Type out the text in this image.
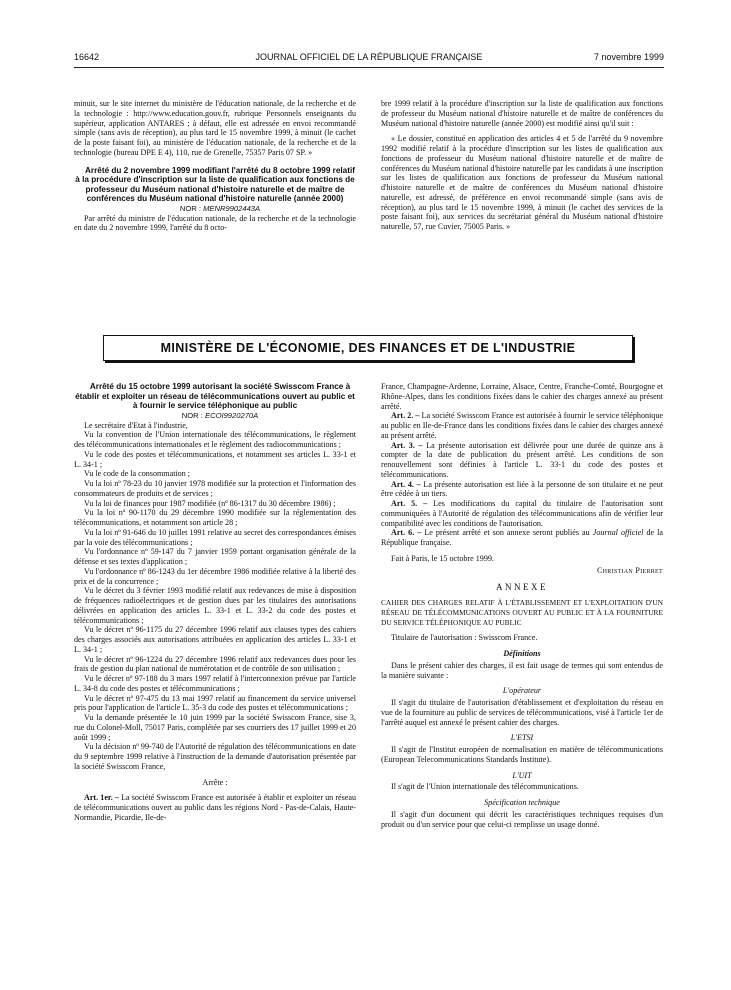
16642	JOURNAL OFFICIEL DE LA RÉPUBLIQUE FRANÇAISE	7 novembre 1999

minuit, sur le site internet du ministère de l'éducation nationale, de la recherche et de la technologie : http://www.education.gouv.fr, rubrique Personnels enseignants du supérieur, application ANTARES ; à défaut, elle est adressée en envoi recommandé simple (sans avis de réception), au plus tard le 15 novembre 1999, à minuit (le cachet de la poste faisant foi), au ministère de l'éducation nationale, de la recherche et de la technologie (bureau DPE E 4), 110, rue de Grenelle, 75357 Paris 07 SP. »

Arrêté du 2 novembre 1999 modifiant l'arrêté du 8 octobre 1999 relatif à la procédure d'inscription sur la liste de qualification aux fonctions de professeur du Muséum national d'histoire naturelle et de maître de conférences du Muséum national d'histoire naturelle (année 2000)

NOR : MENR9902443A

Par arrêté du ministre de l'éducation nationale, de la recherche et de la technologie en date du 2 novembre 1999, l'arrêté du 8 octo-

bre 1999 relatif à la procédure d'inscription sur la liste de qualification aux fonctions de professeur du Muséum national d'histoire naturelle et de maître de conférences du Muséum national d'histoire naturelle (année 2000) est modifié ainsi qu'il suit :

« Le dossier, constitué en application des articles 4 et 5 de l'arrêté du 9 novembre 1992 modifié relatif à la procédure d'inscription sur les listes de qualification aux fonctions de professeur du Muséum national d'histoire naturelle et de maître de conférences du Muséum national d'histoire naturelle par les candidats à une inscription sur les listes de qualification aux fonctions de professeur du Muséum national d'histoire naturelle et de maître de conférences du Muséum national d'histoire naturelle, est adressé, de préférence en envoi recommandé simple (sans avis de réception), au plus tard le 15 novembre 1999, à minuit (le cachet des services de la poste faisant foi), aux services du secrétariat général du Muséum national d'histoire naturelle, 57, rue Cuvier, 75005 Paris. »

MINISTÈRE DE L'ÉCONOMIE, DES FINANCES ET DE L'INDUSTRIE

Arrêté du 15 octobre 1999 autorisant la société Swisscom France à établir et exploiter un réseau de télécommunications ouvert au public et à fournir le service téléphonique au public

NOR : ECOI9920270A

Le secrétaire d'Etat à l'industrie,

Vu la convention de l'Union internationale des télécommunications, le règlement des télécommunications internationales et le règlement des radiocommunications ;

Vu le code des postes et télécommunications, et notamment ses articles L. 33-1 et L. 34-1 ;

Vu le code de la consommation ;

Vu la loi nº 78-23 du 10 janvier 1978 modifiée sur la protection et l'information des consommateurs de produits et de services ;

Vu la loi de finances pour 1987 modifiée (nº 86-1317 du 30 décembre 1986) ;

Vu la loi nº 90-1170 du 29 décembre 1990 modifiée sur la réglementation des télécommunications, et notamment son article 28 ;

Vu la loi nº 91-646 du 10 juillet 1991 relative au secret des correspondances émises par la voie des télécommunications ;

Vu l'ordonnance nº 59-147 du 7 janvier 1959 portant organisation générale de la défense et ses textes d'application ;

Vu l'ordonnance nº 86-1243 du 1er décembre 1986 modifiée relative à la liberté des prix et de la concurrence ;

Vu le décret du 3 février 1993 modifié relatif aux redevances de mise à disposition de fréquences radioélectriques et de gestion dues par les titulaires des autorisations délivrées en application des articles L. 33-1 et L. 33-2 du code des postes et télécommunications ;

Vu le décret nº 96-1175 du 27 décembre 1996 relatif aux clauses types des cahiers des charges associés aux autorisations attribuées en application des articles L. 33-1 et L. 34-1 ;

Vu le décret nº 96-1224 du 27 décembre 1996 relatif aux redevances dues pour les frais de gestion du plan national de numérotation et de contrôle de son utilisation ;

Vu le décret nº 97-188 du 3 mars 1997 relatif à l'interconnexion prévue par l'article L. 34-8 du code des postes et télécommunications ;

Vu le décret nº 97-475 du 13 mai 1997 relatif au financement du service universel pris pour l'application de l'article L. 35-3 du code des postes et télécommunications ;

Vu la demande présentée le 10 juin 1999 par la société Swisscom France, sise 3, rue du Colonel-Moll, 75017 Paris, complétée par ses courriers des 17 juillet 1999 et 20 août 1999 ;

Vu la décision nº 99-740 de l'Autorité de régulation des télécommunications en date du 9 septembre 1999 relative à l'instruction de la demande d'autorisation présentée par la société Swisscom France,

Arrête :

Art. 1er. – La société Swisscom France est autorisée à établir et exploiter un réseau de télécommunications ouvert au public dans les régions Nord - Pas-de-Calais, Haute-Normandie, Picardie, Ile-de-

France, Champagne-Ardenne, Lorraine, Alsace, Centre, Franche-Comté, Bourgogne et Rhône-Alpes, dans les conditions fixées dans le cahier des charges annexé au présent arrêté.

Art. 2. – La société Swisscom France est autorisée à fournir le service téléphonique au public en Ile-de-France dans les conditions fixées dans le cahier des charges annexé au présent arrêté.

Art. 3. – La présente autorisation est délivrée pour une durée de quinze ans à compter de la date de publication du présent arrêté. Les conditions de son renouvellement sont définies à l'article L. 33-1 du code des postes et télécommunications.

Art. 4. – La présente autorisation est liée à la personne de son titulaire et ne peut être cédée à un tiers.

Art. 5. – Les modifications du capital du titulaire de l'autorisation sont communiquées à l'Autorité de régulation des télécommunications afin de vérifier leur compatibilité avec les conditions de l'autorisation.

Art. 6. – Le présent arrêté et son annexe seront publiés au Journal officiel de la République française.

Fait à Paris, le 15 octobre 1999.

Christian Pierret

ANNEXE

CAHIER DES CHARGES RELATIF À L'ÉTABLISSEMENT ET L'EXPLOITATION D'UN RÉSEAU DE TÉLÉCOMMUNICATIONS OUVERT AU PUBLIC ET À LA FOURNITURE DU SERVICE TÉLÉPHONIQUE AU PUBLIC

Titulaire de l'autorisation : Swisscom France.

Définitions

Dans le présent cahier des charges, il est fait usage de termes qui sont entendus de la manière suivante :

L'opérateur

Il s'agit du titulaire de l'autorisation d'établissement et d'exploitation du réseau en vue de la fourniture au public de services de télécommunications, visé à l'article 1er de l'arrêté auquel est annexé le présent cahier des charges.

L'ETSI

Il s'agit de l'Institut européen de normalisation en matière de télécommunications (European Telecommunications Standards Institute).

L'UIT

Il s'agit de l'Union internationale des télécommunications.

Spécification technique

Il s'agit d'un document qui décrit les caractéristiques techniques requises d'un produit ou d'un service pour que celui-ci remplisse un usage donné.
